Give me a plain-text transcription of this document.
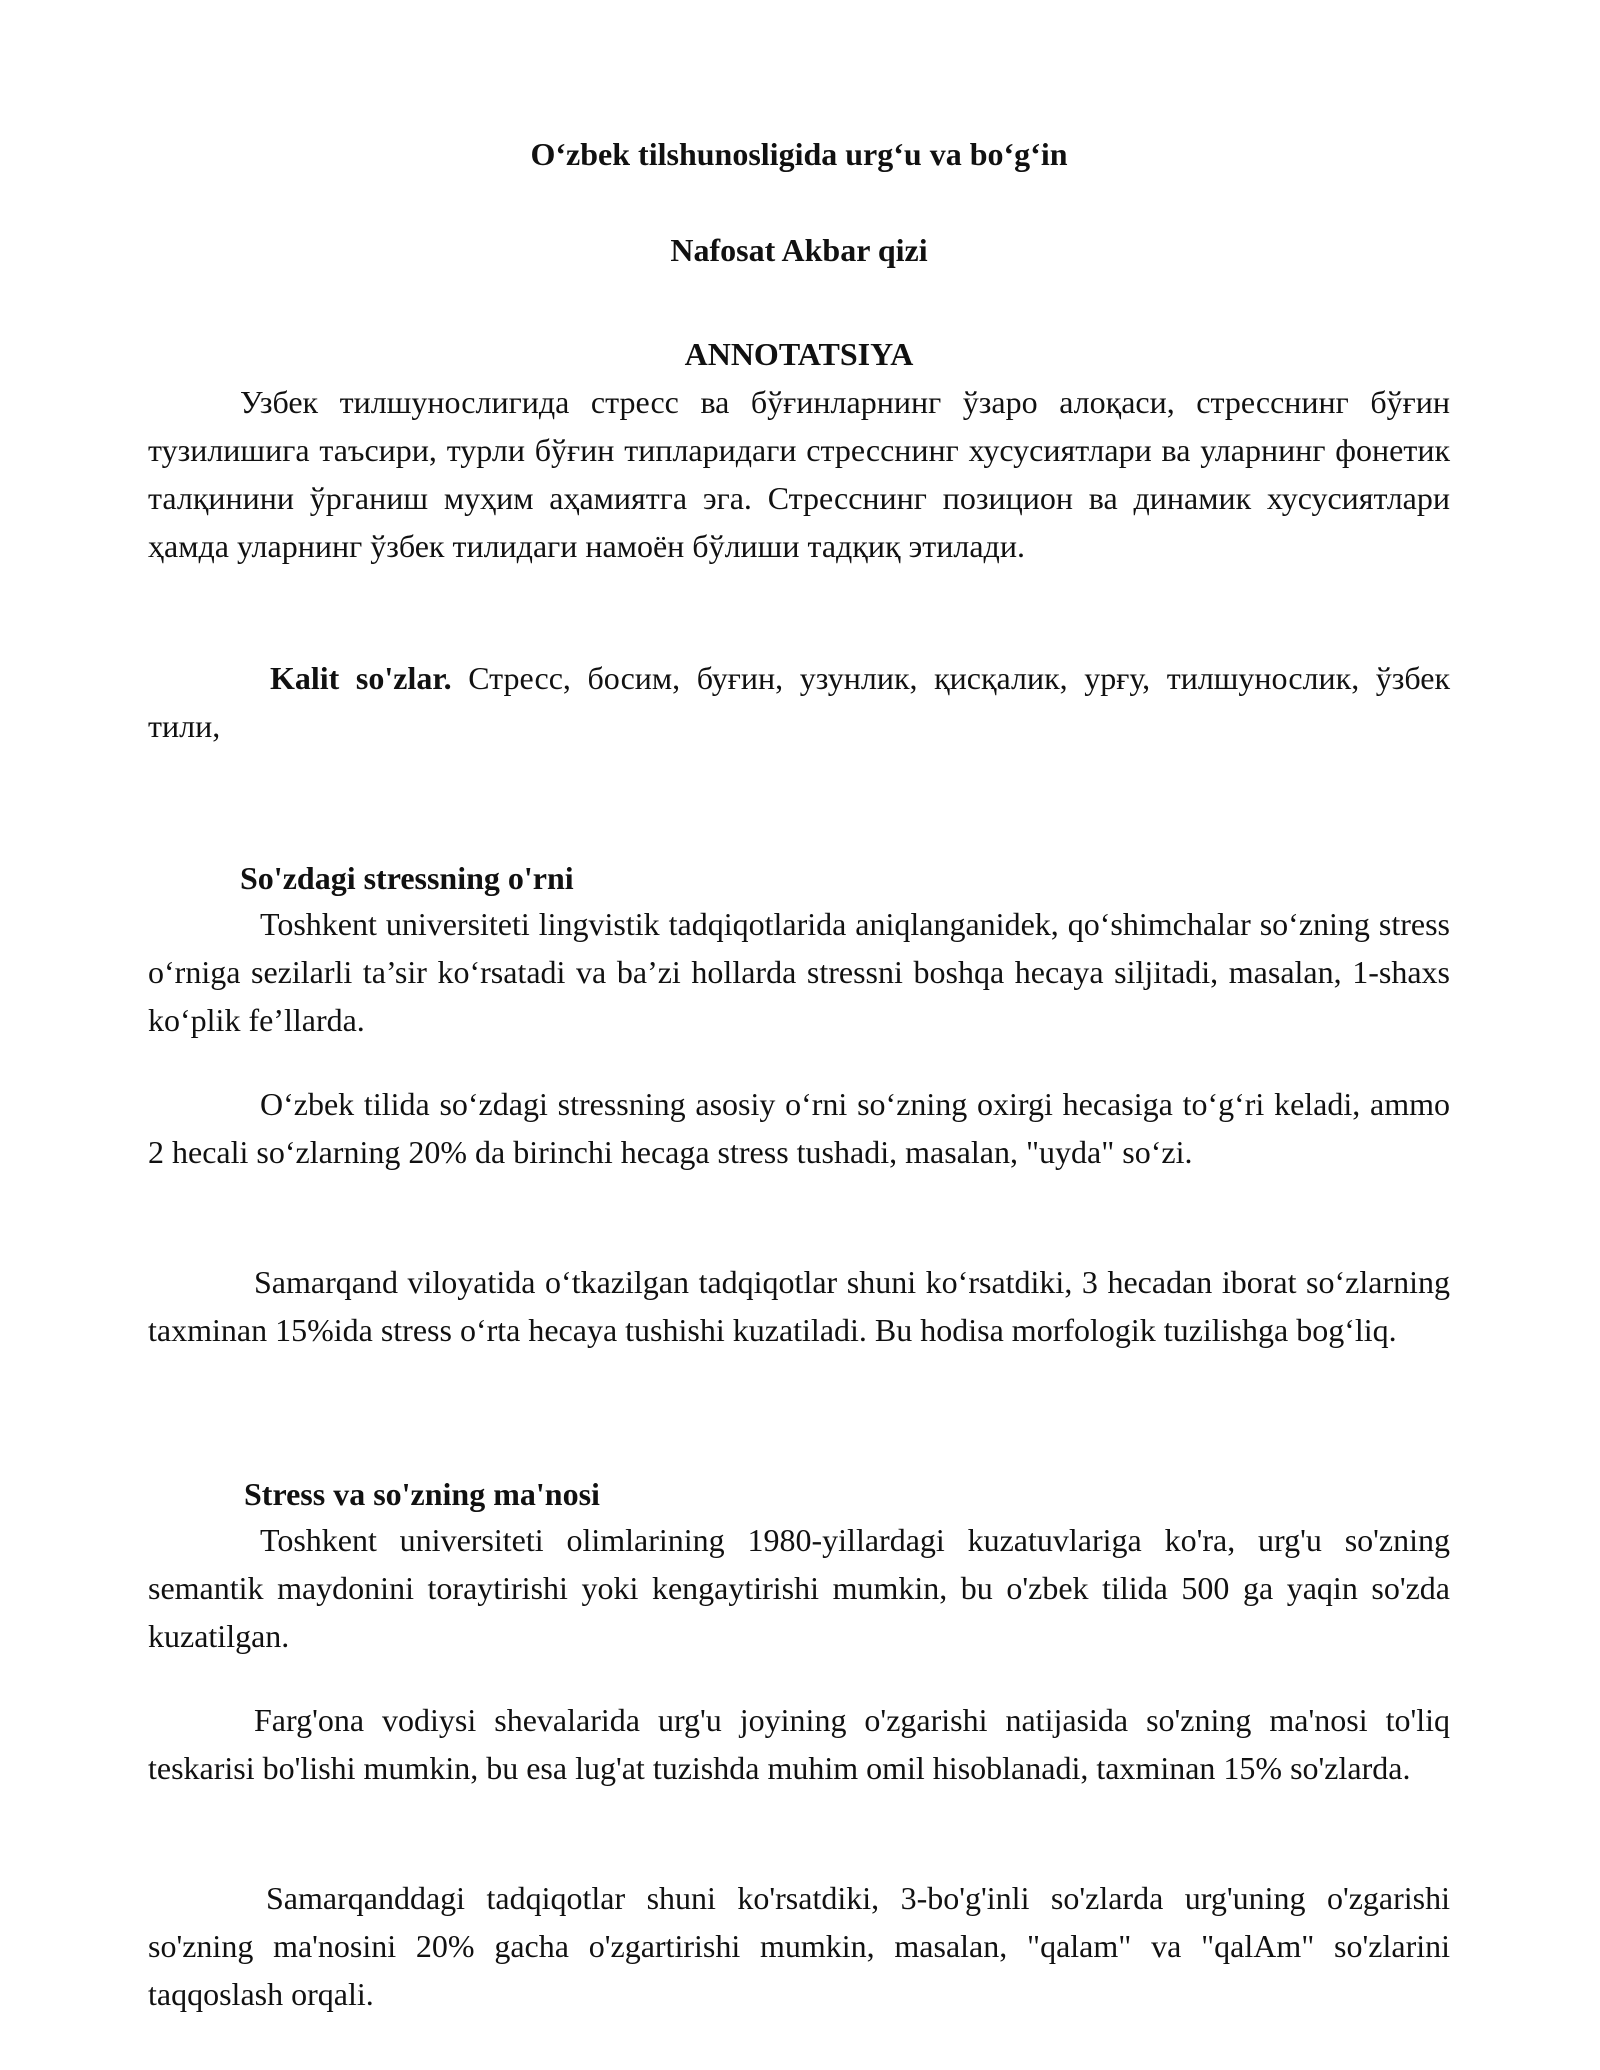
O‘zbek tilshunosligida urg‘u va bo‘g‘in
Nafosat Akbar qizi
ANNOTATSIYA

Узбек тилшунослигида стресс ва бўғинларнинг ўзаро алоқаси, стресснинг бўғин тузилишига таъсири, турли бўғин типларидаги стресснинг хусусиятлари ва уларнинг фонетик талқинини ўрганиш муҳим аҳамиятга эга. Стресснинг позицион ва динамик хусусиятлари ҳамда уларнинг ўзбек тилидаги намоён бўлиши тадқиқ этилади.

Kalit so'zlar. Стресс, босим, буғин, узунлик, қисқалик, урғу, тилшунослик, ўзбек тили,

So'zdagi stressning o'rni

Toshkent universiteti lingvistik tadqiqotlarida aniqlanganidek, qo‘shimchalar so‘zning stress o‘rniga sezilarli ta’sir ko‘rsatadi va ba’zi hollarda stressni boshqa hecaya siljitadi, masalan, 1-shaxs ko‘plik fe’llarda.

O‘zbek tilida so‘zdagi stressning asosiy o‘rni so‘zning oxirgi hecasiga to‘g‘ri keladi, ammo 2 hecali so‘zlarning 20% da birinchi hecaga stress tushadi, masalan, "uyda" so‘zi.

Samarqand viloyatida o‘tkazilgan tadqiqotlar shuni ko‘rsatdiki, 3 hecadan iborat so‘zlarning taxminan 15%ida stress o‘rta hecaya tushishi kuzatiladi. Bu hodisa morfologik tuzilishga bog‘liq.

Stress va so'zning ma'nosi

Toshkent universiteti olimlarining 1980-yillardagi kuzatuvlariga ko'ra, urg'u so'zning semantik maydonini toraytirishi yoki kengaytirishi mumkin, bu o'zbek tilida 500 ga yaqin so'zda kuzatilgan.

Farg'ona vodiysi shevalarida urg'u joyining o'zgarishi natijasida so'zning ma'nosi to'liq teskarisi bo'lishi mumkin, bu esa lug'at tuzishda muhim omil hisoblanadi, taxminan 15% so'zlarda.

Samarqanddagi tadqiqotlar shuni ko'rsatdiki, 3-bo'g'inli so'zlarda urg'uning o'zgarishi so'zning ma'nosini 20% gacha o'zgartirishi mumkin, masalan, "qalam" va "qalAm" so'zlarini taqqoslash orqali.
